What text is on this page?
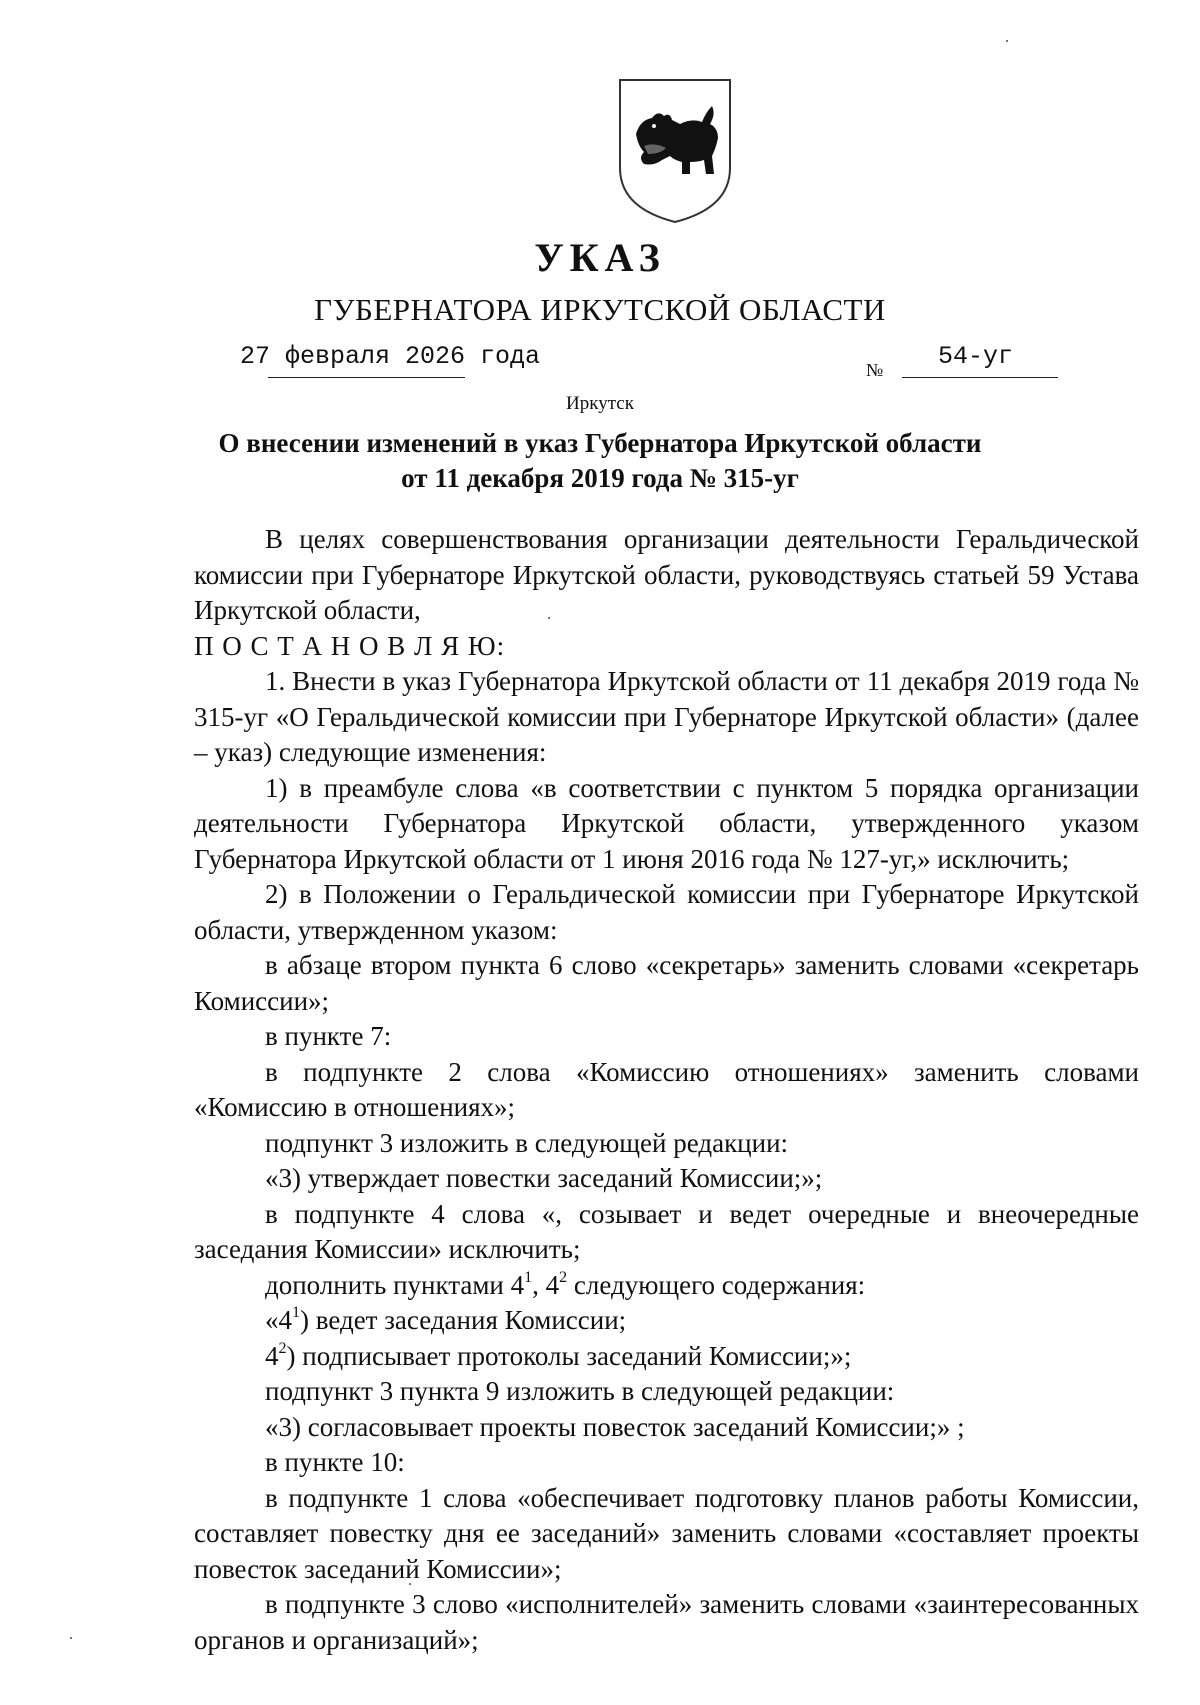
УКАЗ
ГУБЕРНАТОРА ИРКУТСКОЙ ОБЛАСТИ
27 февраля 2026 года	№ 54-уг
Иркутск
О внесении изменений в указ Губернатора Иркутской области
от 11 декабря 2019 года № 315-уг

В целях совершенствования организации деятельности Геральдической комиссии при Губернаторе Иркутской области, руководствуясь статьей 59 Устава Иркутской области,

П О С Т А Н О В Л Я Ю:

1. Внести в указ Губернатора Иркутской области от 11 декабря 2019 года № 315-уг «О Геральдической комиссии при Губернаторе Иркутской области» (далее – указ) следующие изменения:

1) в преамбуле слова «в соответствии с пунктом 5 порядка организации деятельности Губернатора Иркутской области, утвержденного указом Губернатора Иркутской области от 1 июня 2016 года № 127-уг,» исключить;

2) в Положении о Геральдической комиссии при Губернаторе Иркутской области, утвержденном указом:

в абзаце втором пункта 6 слово «секретарь» заменить словами «секретарь Комиссии»;

в пункте 7:

в подпункте 2 слова «Комиссию отношениях» заменить словами «Комиссию в отношениях»;

подпункт 3 изложить в следующей редакции:

«3) утверждает повестки заседаний Комиссии;»;

в подпункте 4 слова «, созывает и ведет очередные и внеочередные заседания Комиссии» исключить;

дополнить пунктами $4^1$, $4^2$ следующего содержания:

«$4^1$) ведет заседания Комиссии;

$4^2$) подписывает протоколы заседаний Комиссии;»;

подпункт 3 пункта 9 изложить в следующей редакции:

«3) согласовывает проекты повесток заседаний Комиссии;» ;

в пункте 10:

в подпункте 1 слова «обеспечивает подготовку планов работы Комиссии, составляет повестку дня ее заседаний» заменить словами «составляет проекты повесток заседаний Комиссии»;

в подпункте 3 слово «исполнителей» заменить словами «заинтересованных органов и организаций»;
